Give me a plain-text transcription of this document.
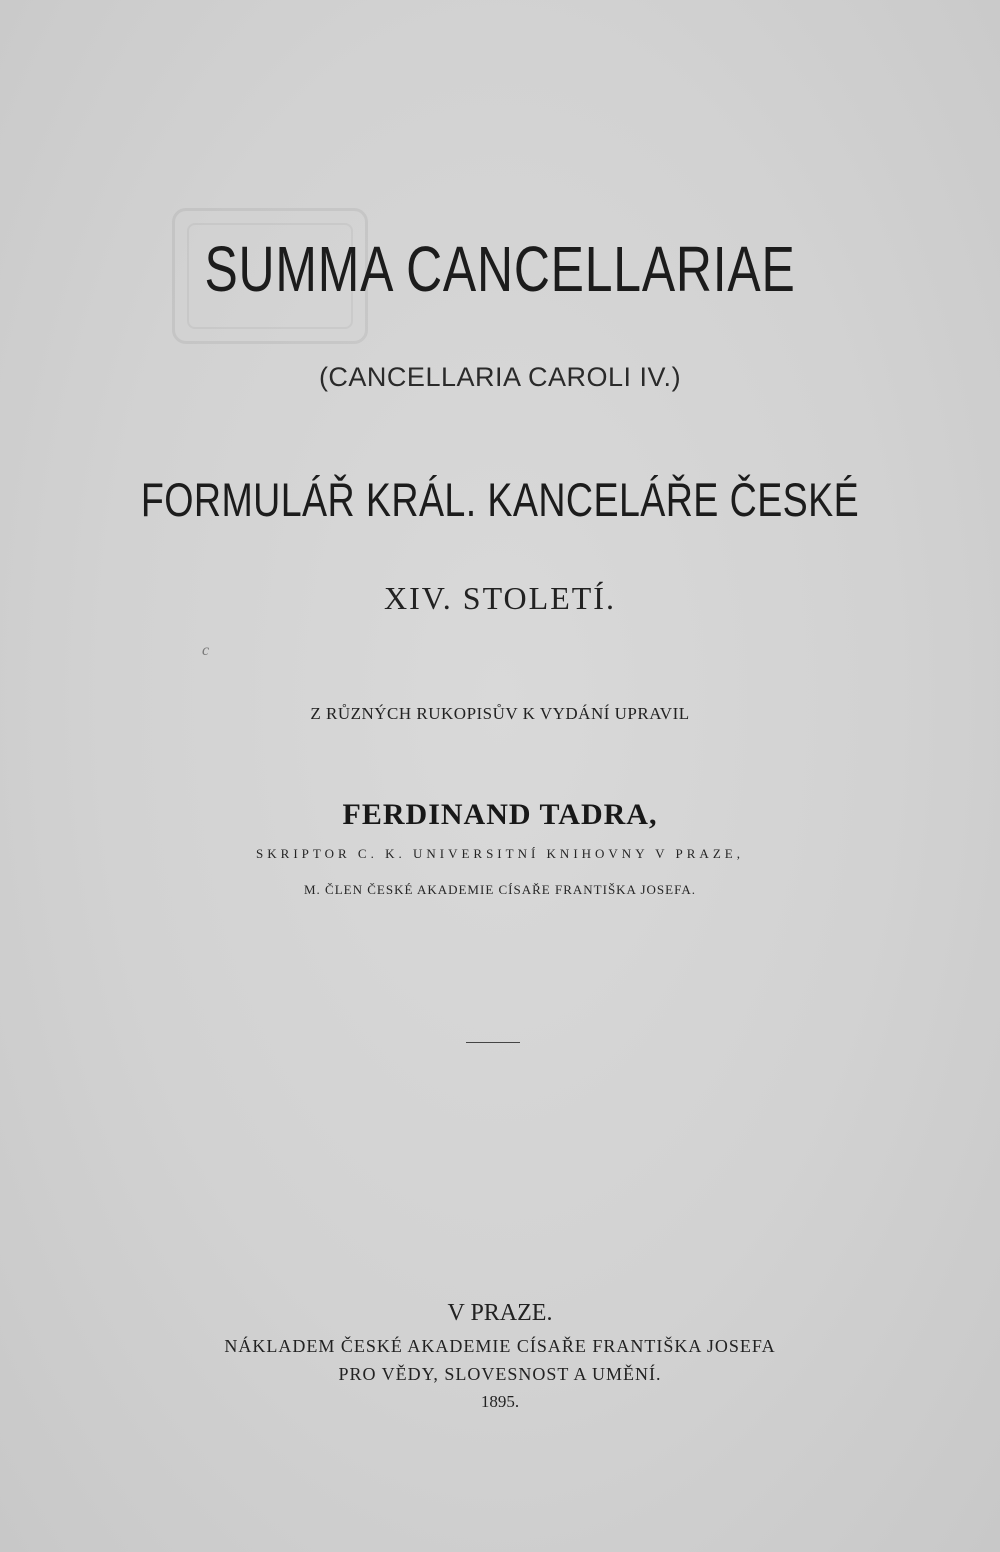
SUMMA CANCELLARIAE
(CANCELLARIA CAROLI IV.)
FORMULÁŘ KRÁL. KANCELÁŘE ČESKÉ
XIV. STOLETÍ.
c
Z RŮZNÝCH RUKOPISŮV K VYDÁNÍ UPRAVIL
FERDINAND TADRA,
SKRIPTOR C. K. UNIVERSITNÍ KNIHOVNY V PRAZE,
M. ČLEN ČESKÉ AKADEMIE CÍSAŘE FRANTIŠKA JOSEFA.
V PRAZE.
NÁKLADEM ČESKÉ AKADEMIE CÍSAŘE FRANTIŠKA JOSEFA
PRO VĚDY, SLOVESNOST A UMĚNÍ.
1895.
